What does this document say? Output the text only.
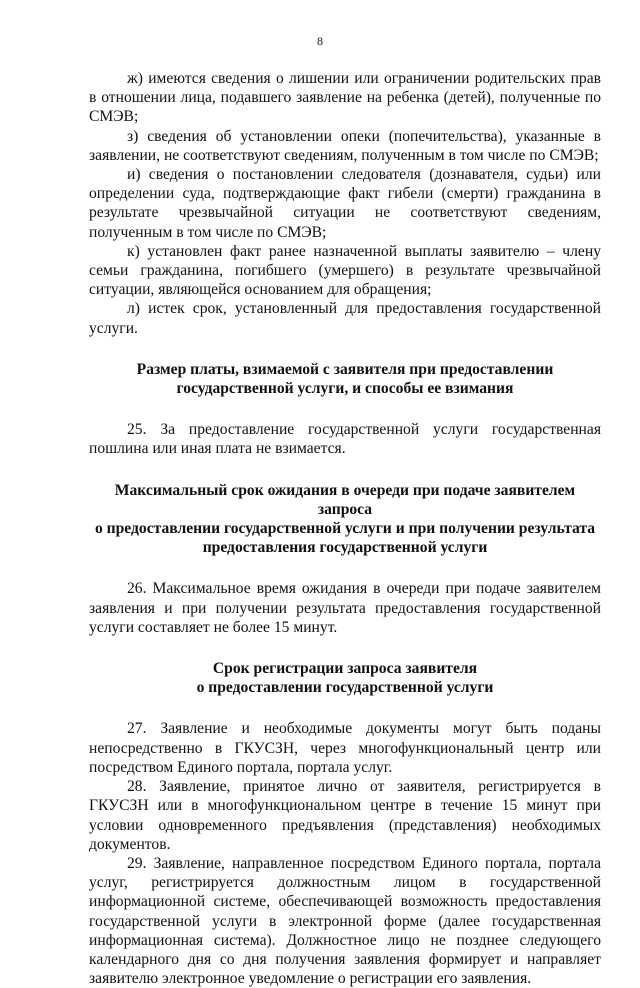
8

ж) имеются сведения о лишении или ограничении родительских прав в отношении лица, подавшего заявление на ребенка (детей), полученные по СМЭВ;

з) сведения об установлении опеки (попечительства), указанные в заявлении, не соответствуют сведениям, полученным в том числе по СМЭВ;

и) сведения о постановлении следователя (дознавателя, судьи) или определении суда, подтверждающие факт гибели (смерти) гражданина в результате чрезвычайной ситуации не соответствуют сведениям, полученным в том числе по СМЭВ;

к) установлен факт ранее назначенной выплаты заявителю – члену семьи гражданина, погибшего (умершего) в результате чрезвычайной ситуации, являющейся основанием для обращения;

л) истек срок, установленный для предоставления государственной услуги.

Размер платы, взимаемой с заявителя при предоставлении
государственной услуги, и способы ее взимания

25. За предоставление государственной услуги государственная пошлина или иная плата не взимается.

Максимальный срок ожидания в очереди при подаче заявителем запроса
о предоставлении государственной услуги и при получении результата
предоставления государственной услуги

26. Максимальное время ожидания в очереди при подаче заявителем заявления и при получении результата предоставления государственной услуги составляет не более 15 минут.

Срок регистрации запроса заявителя
о предоставлении государственной услуги

27. Заявление и необходимые документы могут быть поданы непосредственно в ГКУСЗН, через многофункциональный центр или посредством Единого портала, портала услуг.

28. Заявление, принятое лично от заявителя, регистрируется в ГКУСЗН или в многофункциональном центре в течение 15 минут при условии одновременного предъявления (представления) необходимых документов.

29. Заявление, направленное посредством Единого портала, портала услуг, регистрируется должностным лицом в государственной информационной системе, обеспечивающей возможность предоставления государственной услуги в электронной форме (далее государственная информационная система). Должностное лицо не позднее следующего календарного дня со дня получения заявления формирует и направляет заявителю электронное уведомление о регистрации его заявления.
